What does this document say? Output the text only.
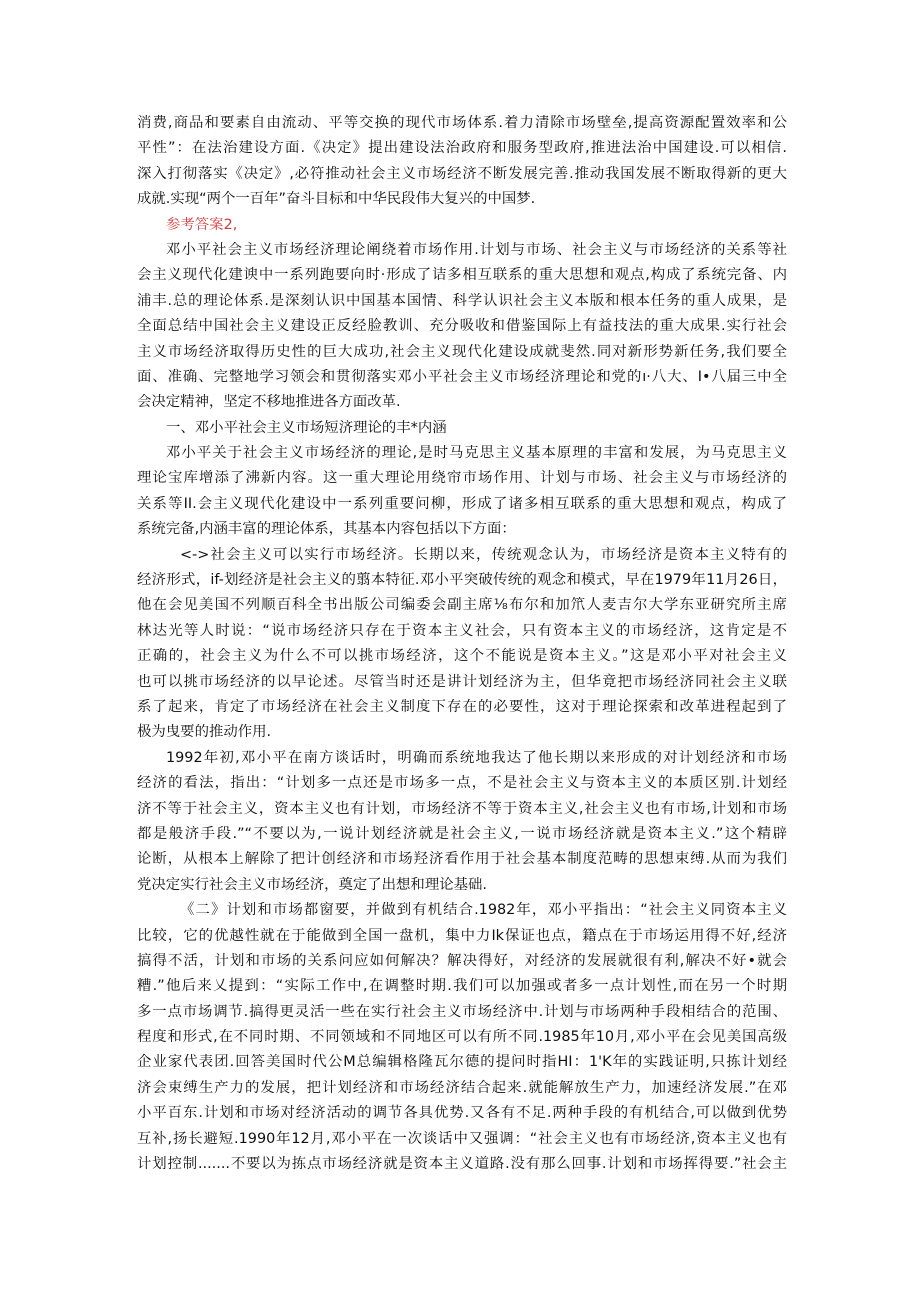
消费,商品和要素自由流动、平等交换的现代市场体系.着力清除市场壁垒,提高资源配置效率和公
平性”：在法治建设方面.《决定》提出建设法治政府和服务型政府,推进法治中国建设.可以相信.
深入打彻落实《决定》,必符推动社会主义市场经济不断发展完善.推动我国发展不断取得新的更大
成就.实现“两个一百年”奋斗目标和中华民段伟大复兴的中国梦.
参考答案2,
邓小平社会主义市场经济理论阐绕着市场作用.计划与市场、社会主义与市场经济的关系等社
会主义现代化建谀中一系列跑要向时·形成了诘多相互联系的重大思想和观点,构成了系统完备、内
浦丰.总的理论体系.是深刻认识中国基本国情、科学认识社会主义本版和根本任务的重人成果，是
全面总结中国社会主义建设正反经脸教训、充分吸收和借鉴国际上有益技法的重大成果.实行社会
主义市场经济取得历史性的巨大成功,社会主义现代化建设成就斐然.同对新形势新任务,我们要全
面、准确、完整地学习领会和贯彻落实邓小平社会主义市场经济理论和党的ı·八大、I•八届三中全
会决定精神，坚定不移地推进各方面改革.
一、邓小平社会主义市场短济理论的丰*内涵
邓小平关于社会主义市场经济的理论,是时马克思主义基本原理的丰富和发展，为马克思主义
理论宝库增添了沸新内容。这一重大理论用绕帘市场作用、计划与市场、社会主义与市场经济的
关系等II.会主义现代化建设中一系列重要问柳，形成了诸多相互联系的重大思想和观点，构成了
系统完备,内涵丰富的理论体系，其基本内容包括以下方面：
<->社会主义可以实行市场经济。长期以来，传统观念认为，市场经济是资本主义特有的
经济形式，if-划经济是社会主义的翦本特征.邓小平突破传统的观念和模式，早在1979年11月26日，
他在会见美国不列顺百科全书出版公司编委会副主席⅛布尔和加笊人麦吉尔大学东亚研究所主席
林达光等人时说：“说市场经济只存在于资本主义社会，只有资本主义的市场经济，这肯定是不
正确的，社会主义为什么不可以挑市场经济，这个不能说是资本主义。”这是邓小平对社会主义
也可以挑市场经济的以早论述。尽管当时还是讲计划经济为主，但华竟把市场经济同社会主义联
系了起来，肯定了市场经济在社会主义制度下存在的必要性，这对于理论探索和改革进程起到了
极为曳要的推动作用.
1992年初,邓小平在南方谈话时，明确而系统地我达了他长期以来形成的对计划经济和市场
经济的看法，指出：“计划多一点还是市场多一点，不是社会主义与资本主义的本质区别.计划经
济不等于社会主义，资本主义也有计划，市场经济不等于资本主义,社会主义也有市场,计划和市场
都是般济手段.”“不要以为,一说计划经济就是社会主义,一说市场经济就是资本主义.”这个精辟
论断，从根本上解除了把计创经济和市场羟济看作用于社会基本制度范畴的思想束缚.从而为我们
党决定实行社会主义市场经济，奠定了出想和理论基础.
《二》计划和市场都窗要，并做到有机结合.1982年，邓小平指出：“社会主义同资本主义
比较，它的优越性就在于能做到全国一盘机，集中力Ik保证也点，籍点在于市场运用得不好,经济
搞得不活，计划和市场的关系问应如何解决？解决得好，对经济的发展就很有利,解决不好•就会
糟.”他后来乂提到：“实际工作中,在调整时期.我们可以加强或者多一点计划性,而在另一个时期
多一点市场调节.搞得更灵活一些在实行社会主义市场经济中.计划与市场两种手段相结合的范围、
程度和形式,在不同时期、不同领域和不同地区可以有所不同.1985年10月,邓小平在会见美国高级
企业家代表团.回答美国时代公M总编辑格隆瓦尔德的提问时指HI：1'K年的实践证明,只拣计划经
济会束缚生产力的发展，把计划经济和市场经济结合起来.就能解放生产力，加速经济发展.”在邓
小平百东.计划和市场对经济活动的调节各具优势.又各有不足.两种手段的有机结合,可以做到优势
互补,扬长避短.1990年12月,邓小平在一次谈话中又强调：“社会主义也有市场经济,资本主义也有
计划控制.......不要以为拣点市场经济就是资本主义道路.没有那么回事.计划和市场挥得要.”社会主
